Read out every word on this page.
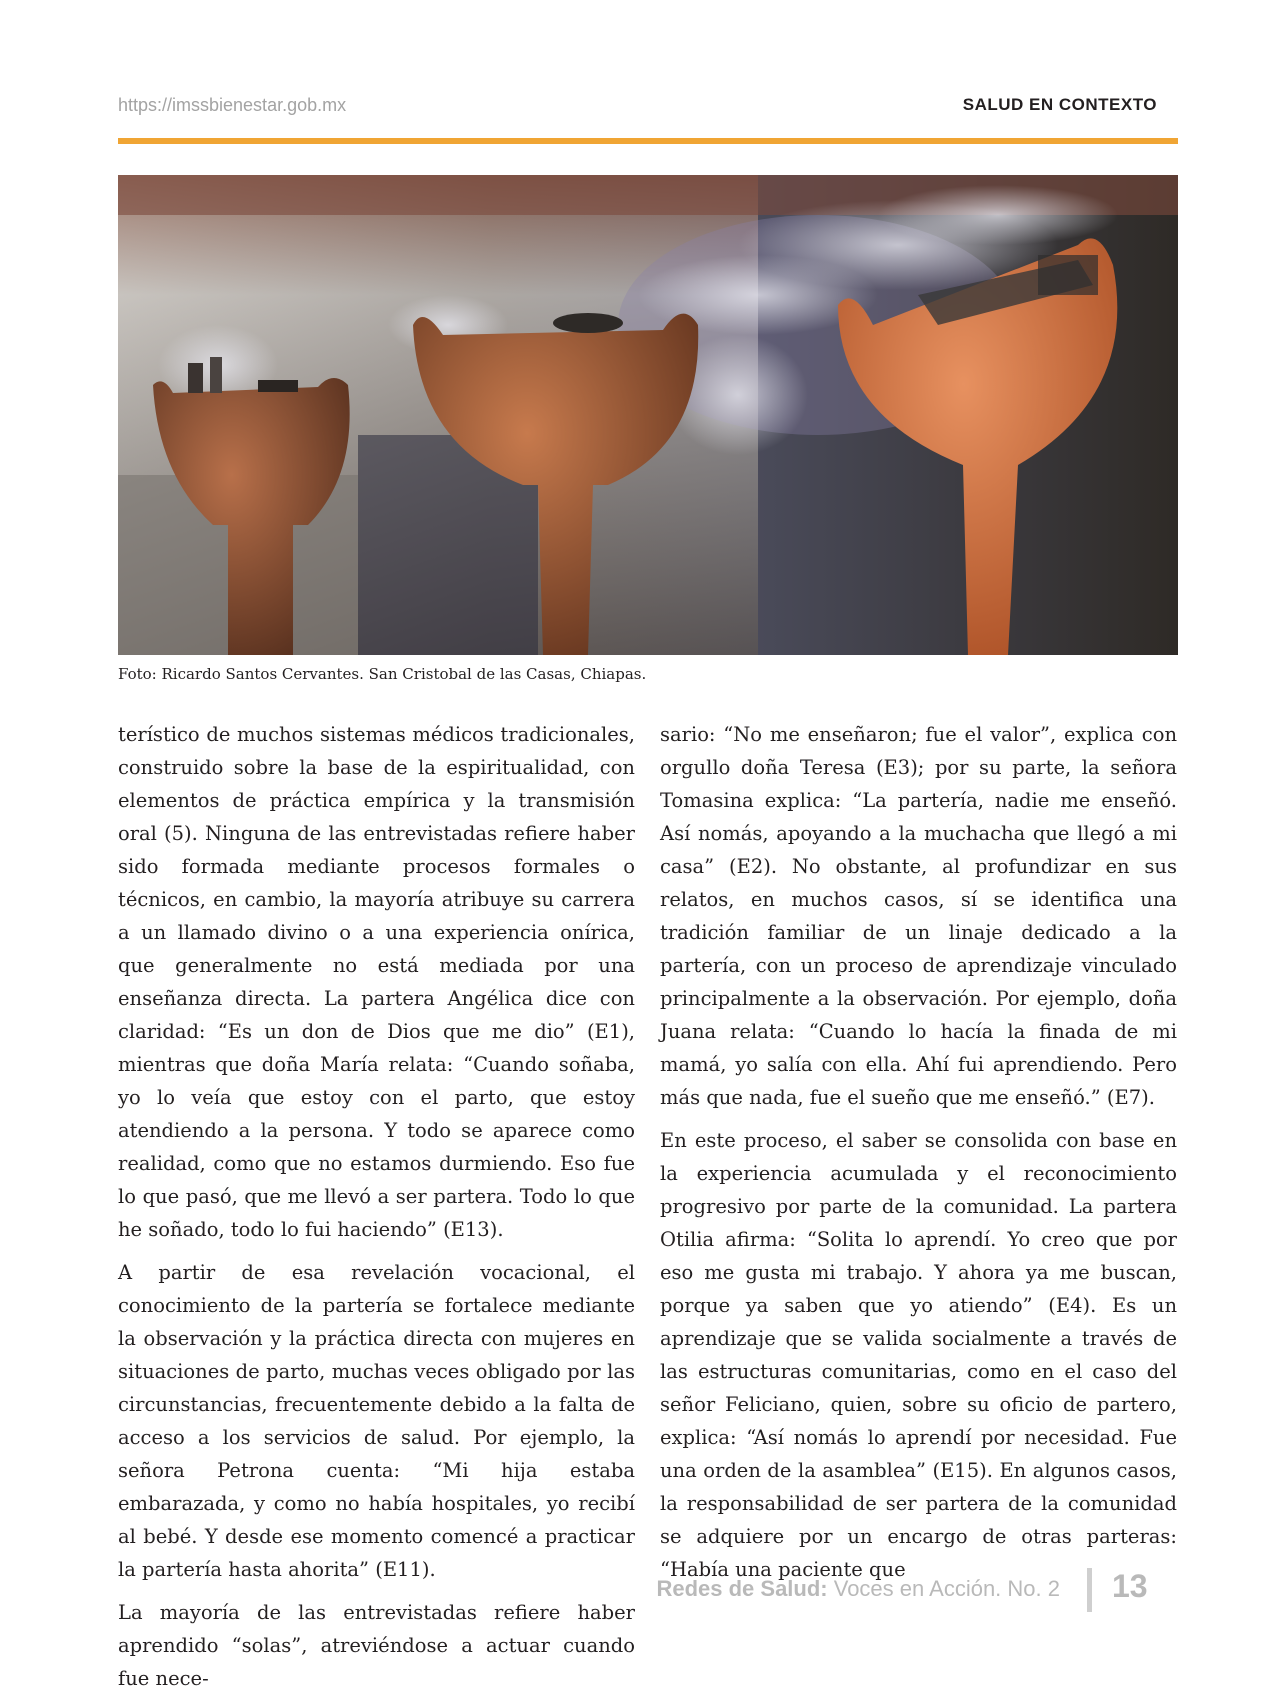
https://imssbienestar.gob.mx	SALUD EN CONTEXTO
Foto: Ricardo Santos Cervantes. San Cristobal de las Casas, Chiapas.

terístico de muchos sistemas médicos tradicionales, construido sobre la base de la espiritualidad, con elementos de práctica empírica y la transmisión oral (5). Ninguna de las entrevistadas refiere haber sido formada mediante procesos formales o técnicos, en cambio, la mayoría atribuye su carrera a un llamado divino o a una experiencia onírica, que generalmente no está mediada por una enseñanza directa. La partera Angélica dice con claridad: “Es un don de Dios que me dio” (E1), mientras que doña María relata: “Cuando soñaba, yo lo veía que estoy con el parto, que estoy atendiendo a la persona. Y todo se aparece como realidad, como que no estamos durmiendo. Eso fue lo que pasó, que me llevó a ser partera. Todo lo que he soñado, todo lo fui haciendo” (E13).

A partir de esa revelación vocacional, el conocimiento de la partería se fortalece mediante la observación y la práctica directa con mujeres en situaciones de parto, muchas veces obligado por las circunstancias, frecuentemente debido a la falta de acceso a los servicios de salud. Por ejemplo, la señora Petrona cuenta: “Mi hija estaba embarazada, y como no había hospitales, yo recibí al bebé. Y desde ese momento comencé a practicar la partería hasta ahorita” (E11).

La mayoría de las entrevistadas refiere haber aprendido “solas”, atreviéndose a actuar cuando fue nece-

sario: “No me enseñaron; fue el valor”, explica con orgullo doña Teresa (E3); por su parte, la señora Tomasina explica: “La partería, nadie me enseñó. Así nomás, apoyando a la muchacha que llegó a mi casa” (E2). No obstante, al profundizar en sus relatos, en muchos casos, sí se identifica una tradición familiar de un linaje dedicado a la partería, con un proceso de aprendizaje vinculado principalmente a la observación. Por ejemplo, doña Juana relata: “Cuando lo hacía la finada de mi mamá, yo salía con ella. Ahí fui aprendiendo. Pero más que nada, fue el sueño que me enseñó.” (E7).

En este proceso, el saber se consolida con base en la experiencia acumulada y el reconocimiento progresivo por parte de la comunidad. La partera Otilia afirma: “Solita lo aprendí. Yo creo que por eso me gusta mi trabajo. Y ahora ya me buscan, porque ya saben que yo atiendo” (E4). Es un aprendizaje que se valida socialmente a través de las estructuras comunitarias, como en el caso del señor Feliciano, quien, sobre su oficio de partero, explica: “Así nomás lo aprendí por necesidad. Fue una orden de la asamblea” (E15). En algunos casos, la responsabilidad de ser partera de la comunidad se adquiere por un encargo de otras parteras: “Había una paciente que

Redes de Salud: Voces en Acción. No. 2 13
